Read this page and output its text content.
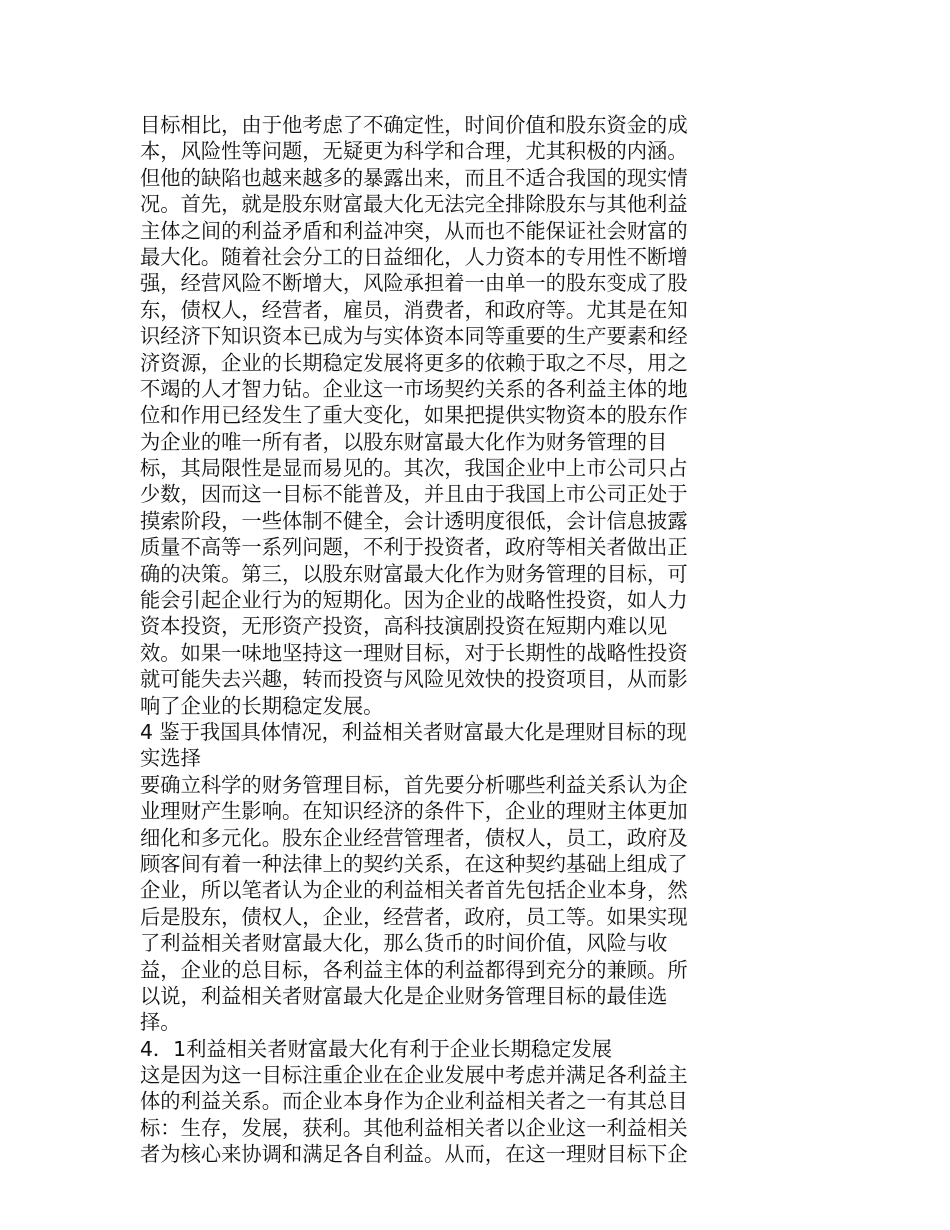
目标相比，由于他考虑了不确定性，时间价值和股东资金的成
本，风险性等问题，无疑更为科学和合理，尤其积极的内涵。
但他的缺陷也越来越多的暴露出来，而且不适合我国的现实情
况。首先，就是股东财富最大化无法完全排除股东与其他利益
主体之间的利益矛盾和利益冲突，从而也不能保证社会财富的
最大化。随着社会分工的日益细化，人力资本的专用性不断增
强，经营风险不断增大，风险承担着一由单一的股东变成了股
东，债权人，经营者，雇员，消费者，和政府等。尤其是在知
识经济下知识资本已成为与实体资本同等重要的生产要素和经
济资源，企业的长期稳定发展将更多的依赖于取之不尽，用之
不竭的人才智力钻。企业这一市场契约关系的各利益主体的地
位和作用已经发生了重大变化，如果把提供实物资本的股东作
为企业的唯一所有者，以股东财富最大化作为财务管理的目
标，其局限性是显而易见的。其次，我国企业中上市公司只占
少数，因而这一目标不能普及，并且由于我国上市公司正处于
摸索阶段，一些体制不健全，会计透明度很低，会计信息披露
质量不高等一系列问题，不利于投资者，政府等相关者做出正
确的决策。第三，以股东财富最大化作为财务管理的目标，可
能会引起企业行为的短期化。因为企业的战略性投资，如人力
资本投资，无形资产投资，高科技演剧投资在短期内难以见
效。如果一味地坚持这一理财目标，对于长期性的战略性投资
就可能失去兴趣，转而投资与风险见效快的投资项目，从而影
响了企业的长期稳定发展。
4 鉴于我国具体情况，利益相关者财富最大化是理财目标的现
实选择
要确立科学的财务管理目标，首先要分析哪些利益关系认为企
业理财产生影响。在知识经济的条件下，企业的理财主体更加
细化和多元化。股东企业经营管理者，债权人，员工，政府及
顾客间有着一种法律上的契约关系，在这种契约基础上组成了
企业，所以笔者认为企业的利益相关者首先包括企业本身，然
后是股东，债权人，企业，经营者，政府，员工等。如果实现
了利益相关者财富最大化，那么货币的时间价值，风险与收
益，企业的总目标，各利益主体的利益都得到充分的兼顾。所
以说，利益相关者财富最大化是企业财务管理目标的最佳选
择。
4．1利益相关者财富最大化有利于企业长期稳定发展
这是因为这一目标注重企业在企业发展中考虑并满足各利益主
体的利益关系。而企业本身作为企业利益相关者之一有其总目
标：生存，发展，获利。其他利益相关者以企业这一利益相关
者为核心来协调和满足各自利益。从而，在这一理财目标下企
